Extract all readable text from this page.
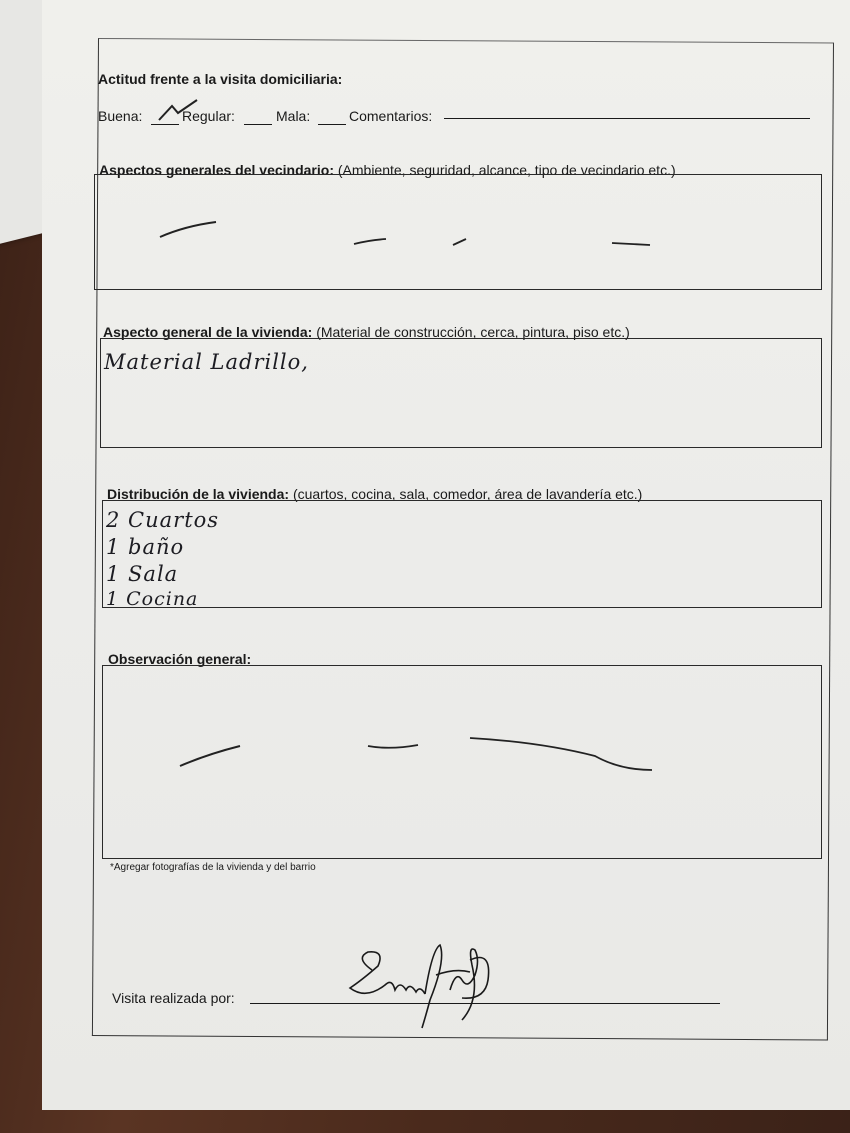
Actitud frente a la visita domiciliaria:
Buena:	Regular:	Mala:	Comentarios:
Aspectos generales del vecindario: (Ambiente, seguridad, alcance, tipo de vecindario etc.)
Aspecto general de la vivienda: (Material de construcción, cerca, pintura, piso etc.)
Material Ladrillo,
Distribución de la vivienda: (cuartos, cocina, sala, comedor, área de lavandería etc.)
2 Cuartos
1 baño
1 Sala
1 Cocina
Observación general:
*Agregar fotografías de la vivienda y del barrio
Visita realizada por:
